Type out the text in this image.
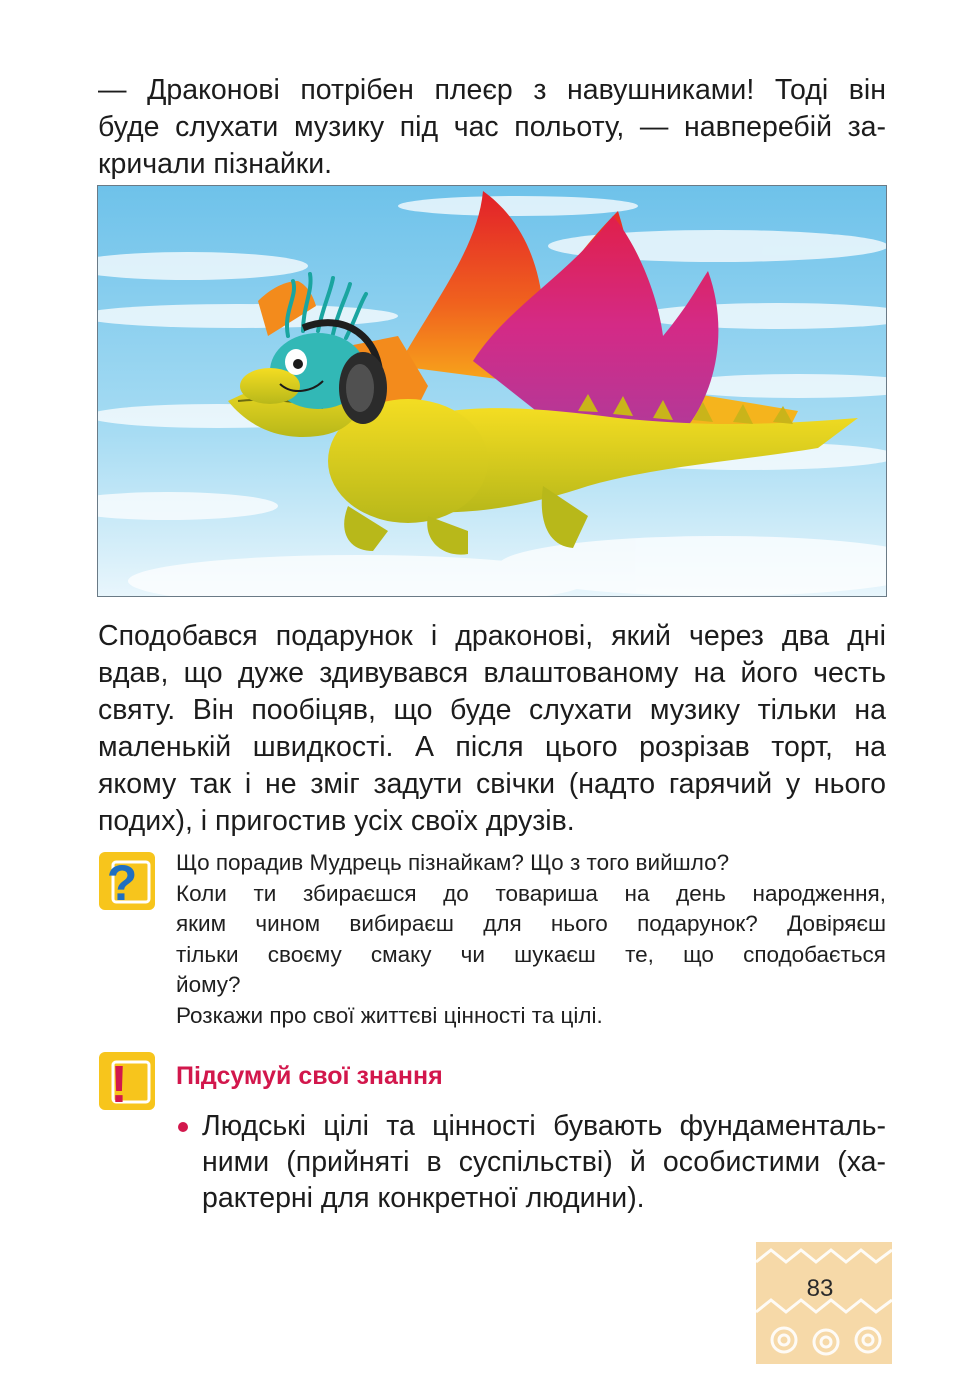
— Драконові потрібен плеєр з навушниками! Тоді він
буде слухати музику під час польоту, — навперебій за-
кричали пізнайки.
Сподобався подарунок і драконові, який через два дні
вдав, що дуже здивувався влаштованому на його честь
святу. Він пообіцяв, що буде слухати музику тільки на
маленькій швидкості. А після цього розрізав торт, на
якому так і не зміг задути свічки (надто гарячий у нього
подих), і пригостив усіх своїх друзів.
? Що порадив Мудрець пізнайкам? Що з того вийшло?
Коли ти збираєшся до товариша на день народження,
яким чином вибираєш для нього подарунок? Довіряєш
тільки своєму смаку чи шукаєш те, що сподобається
йому?
Розкажи про свої життєві цінності та цілі.
! Підсумуй свої знання
Людські цілі та цінності бувають фундаменталь-
ними (прийняті в суспільстві) й особистими (ха-
рактерні для конкретної людини).
83
